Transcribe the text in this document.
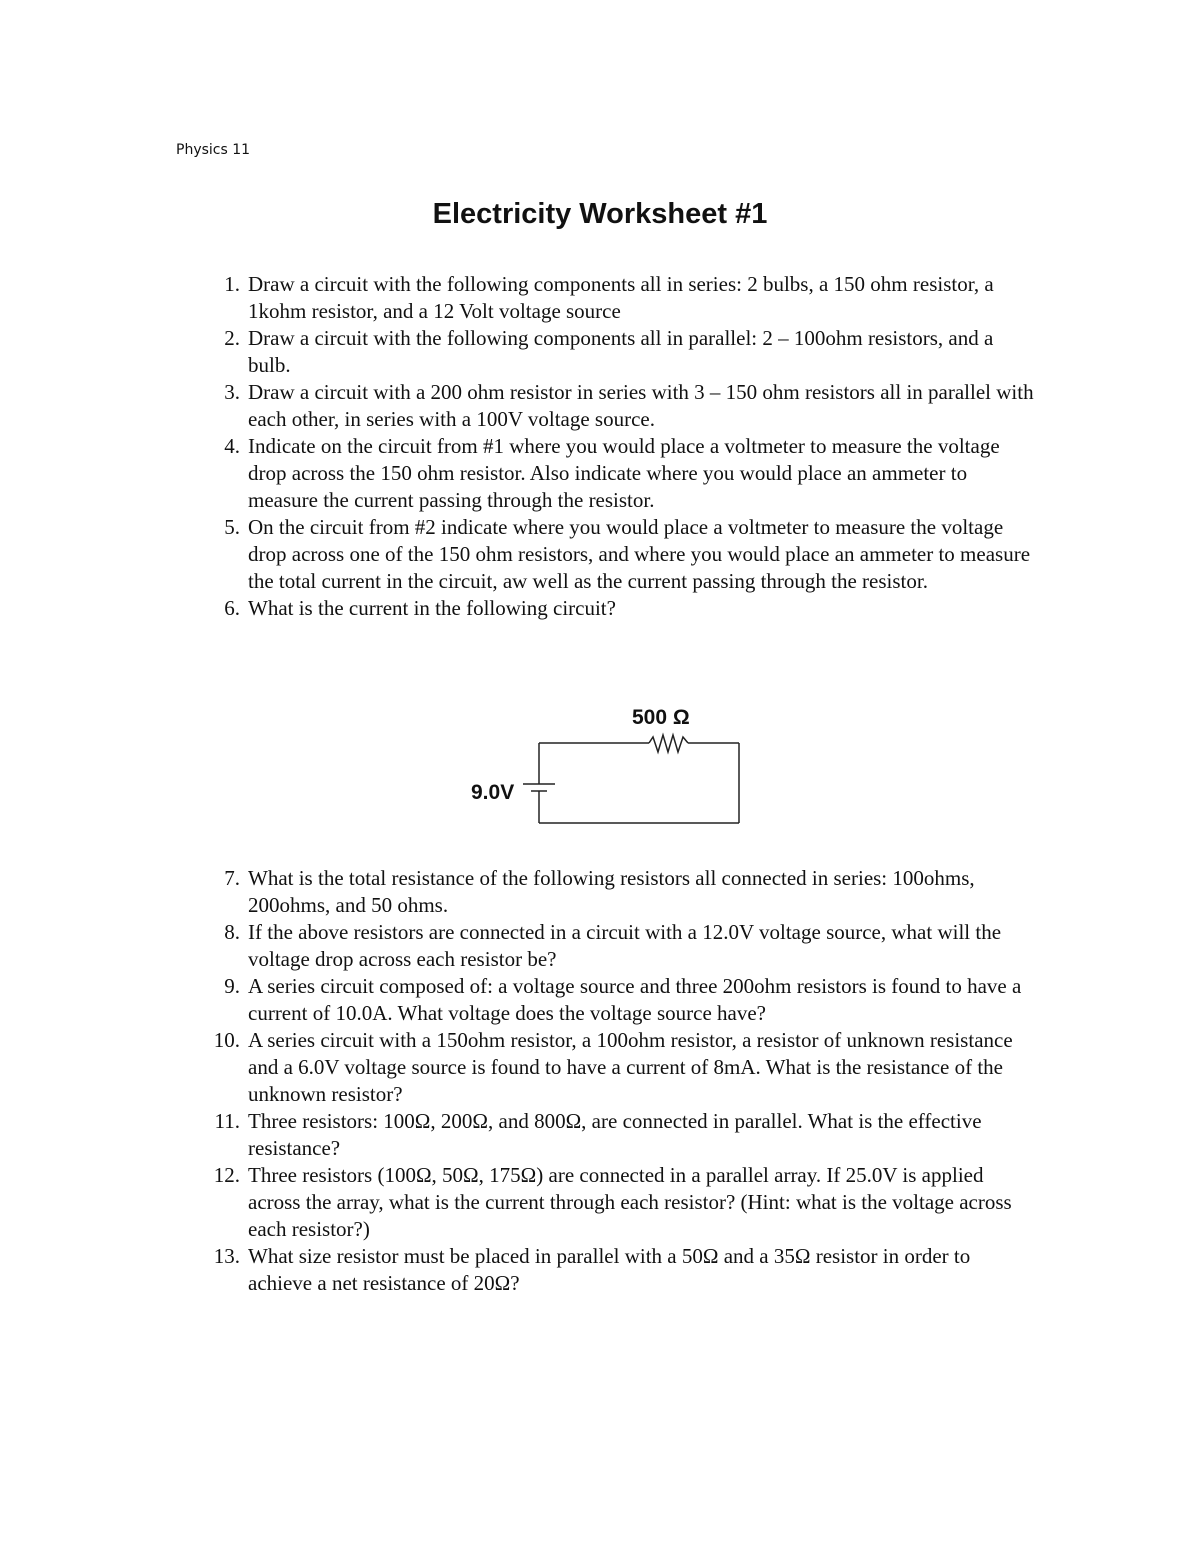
Physics 11
Electricity Worksheet #1
1. Draw a circuit with the following components all in series: 2 bulbs, a 150 ohm resistor, a 1kohm resistor, and a 12 Volt voltage source
2. Draw a circuit with the following components all in parallel: 2 – 100ohm resistors, and a bulb.
3. Draw a circuit with a 200 ohm resistor in series with 3 – 150 ohm resistors all in parallel with each other, in series with a 100V voltage source.
4. Indicate on the circuit from #1 where you would place a voltmeter to measure the voltage drop across the 150 ohm resistor. Also indicate where you would place an ammeter to measure the current passing through the resistor.
5. On the circuit from #2 indicate where you would place a voltmeter to measure the voltage drop across one of the 150 ohm resistors, and where you would place an ammeter to measure the total current in the circuit, aw well as the current passing through the resistor.
6. What is the current in the following circuit?
500 Ω
9.0V
7. What is the total resistance of the following resistors all connected in series: 100ohms, 200ohms, and 50 ohms.
8. If the above resistors are connected in a circuit with a 12.0V voltage source, what will the voltage drop across each resistor be?
9. A series circuit composed of: a voltage source and three 200ohm resistors is found to have a current of 10.0A. What voltage does the voltage source have?
10. A series circuit with a 150ohm resistor, a 100ohm resistor, a resistor of unknown resistance and a 6.0V voltage source is found to have a current of 8mA. What is the resistance of the unknown resistor?
11. Three resistors: 100Ω, 200Ω, and 800Ω, are connected in parallel. What is the effective resistance?
12. Three resistors (100Ω, 50Ω, 175Ω) are connected in a parallel array. If 25.0V is applied across the array, what is the current through each resistor? (Hint: what is the voltage across each resistor?)
13. What size resistor must be placed in parallel with a 50Ω and a 35Ω resistor in order to achieve a net resistance of 20Ω?
